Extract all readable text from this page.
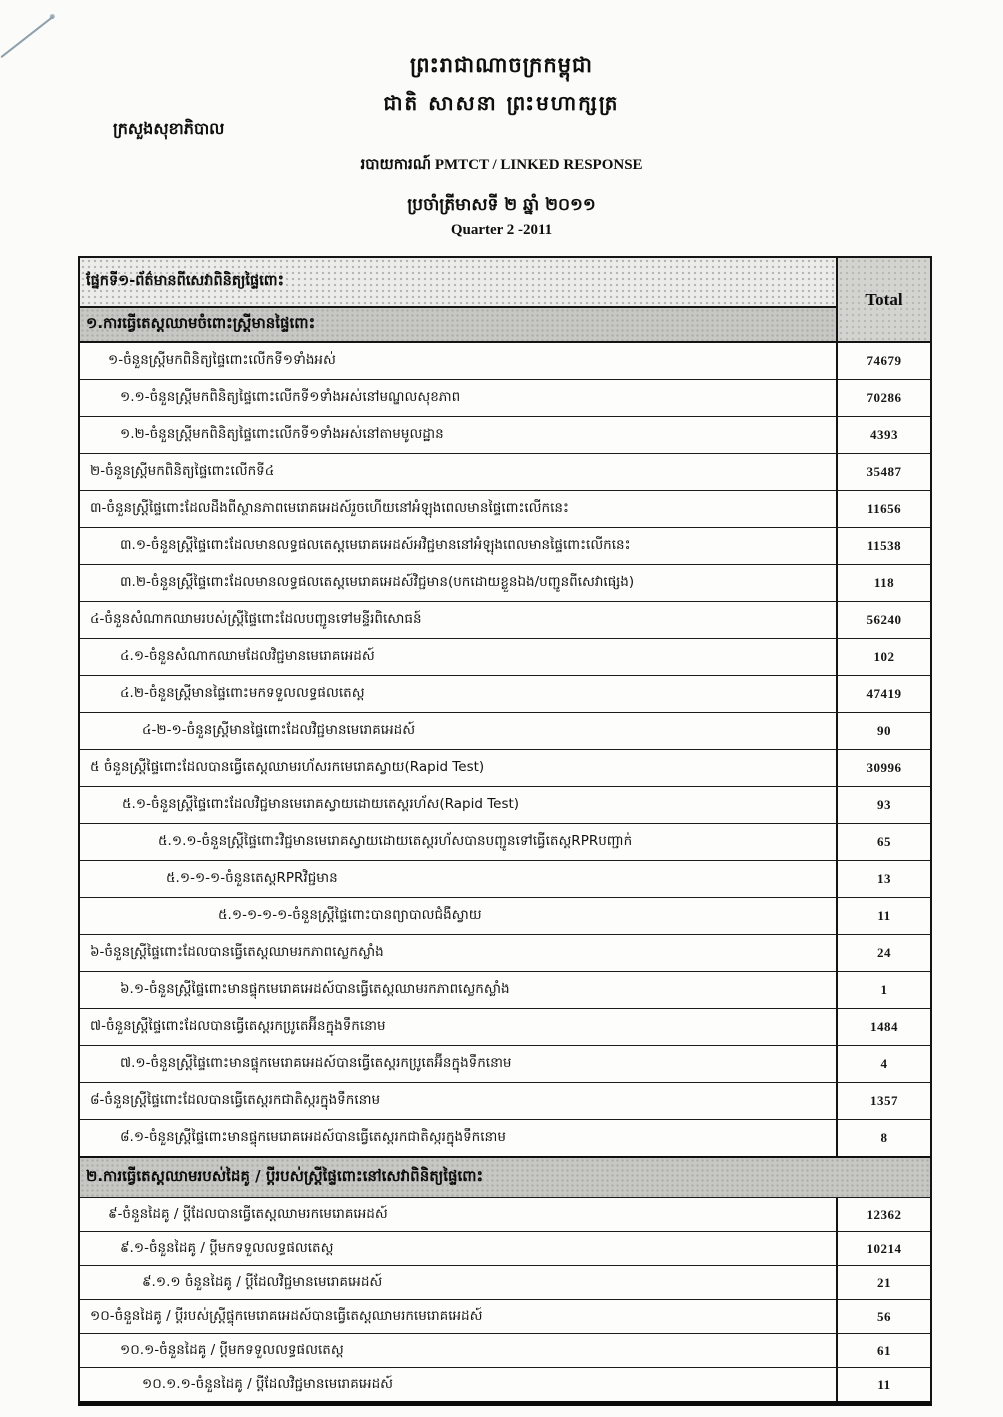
ព្រះរាជាណាចក្រកម្ពុជា
ជាតិ សាសនា ព្រះមហាក្សត្រ
ក្រសួងសុខាភិបាល
របាយការណ៍ PMTCT / LINKED RESPONSE
ប្រចាំត្រីមាសទី ២ ឆ្នាំ ២០១១
Quarter 2 -2011
ផ្នែកទី១-ព័ត៌មានពីសេវាពិនិត្យផ្ទៃពោះ
១.ការធ្វើតេស្ដឈាមចំពោះស្ត្រីមានផ្ទៃពោះ
Total
១-ចំនួនស្ត្រីមកពិនិត្យផ្ទៃពោះលើកទី១ទាំងអស់	74679
១.១-ចំនួនស្ត្រីមកពិនិត្យផ្ទៃពោះលើកទី១ទាំងអស់នៅមណ្ឌលសុខភាព	70286
១.២-ចំនួនស្ត្រីមកពិនិត្យផ្ទៃពោះលើកទី១ទាំងអស់នៅតាមមូលដ្ឋាន	4393
២-ចំនួនស្ត្រីមកពិនិត្យផ្ទៃពោះលើកទី៤	35487
៣-ចំនួនស្ត្រីផ្ទៃពោះដែលដឹងពីស្ថានភាពមេរោគអេដស៍រួចហើយនៅអំឡុងពេលមានផ្ទៃពោះលើកនេះ	11656
៣.១-ចំនួនស្ត្រីផ្ទៃពោះដែលមានលទ្ធផលតេស្ដមេរោគអេដស៍អវិជ្ជមាននៅអំឡុងពេលមានផ្ទៃពោះលើកនេះ	11538
៣.២-ចំនួនស្ត្រីផ្ទៃពោះដែលមានលទ្ធផលតេស្ដមេរោគអេដស៍វិជ្ជមាន(បកដោយខ្លួនឯង/បញ្ជូនពីសេវាផ្សេង)	118
៤-ចំនួនសំណាកឈាមរបស់ស្ត្រីផ្ទៃពោះដែលបញ្ជូនទៅមន្ទីរពិសោធន៍	56240
៤.១-ចំនួនសំណាកឈាមដែលវិជ្ជមានមេរោគអេដស៍	102
៤.២-ចំនួនស្ត្រីមានផ្ទៃពោះមកទទួលលទ្ធផលតេស្ដ	47419
៤-២-១-ចំនួនស្ត្រីមានផ្ទៃពោះដែលវិជ្ជមានមេរោគអេដស៍	90
៥ ចំនួនស្ត្រីផ្ទៃពោះដែលបានធ្វើតេស្ដឈាមរហ័សរកមេរោគស្វាយ(Rapid Test)	30996
៥.១-ចំនួនស្ត្រីផ្ទៃពោះដែលវិជ្ជមានមេរោគស្វាយដោយតេស្ដរហ័ស(Rapid Test)	93
៥.១.១-ចំនួនស្ត្រីផ្ទៃពោះវិជ្ជមានមេរោគស្វាយដោយតេស្ដរហ័សបានបញ្ជូនទៅធ្វើតេស្ដRPRបញ្ជាក់	65
៥.១-១-១-ចំនួនតេស្ដRPRវិជ្ជមាន	13
៥.១-១-១-១-ចំនួនស្ត្រីផ្ទៃពោះបានព្យាបាលជំងឺស្វាយ	11
៦-ចំនួនស្ត្រីផ្ទៃពោះដែលបានធ្វើតេស្ដឈាមរកភាពស្លេកស្លាំង	24
៦.១-ចំនួនស្ត្រីផ្ទៃពោះមានផ្ទុកមេរោគអេដស៍បានធ្វើតេស្ដឈាមរកភាពស្លេកស្លាំង	1
៧-ចំនួនស្ត្រីផ្ទៃពោះដែលបានធ្វើតេស្ដរកប្រូតេអ៊ីនក្នុងទឹកនោម	1484
៧.១-ចំនួនស្ត្រីផ្ទៃពោះមានផ្ទុកមេរោគអេដស៍បានធ្វើតេស្ដរកប្រូតេអ៊ីនក្នុងទឹកនោម	4
៨-ចំនួនស្ត្រីផ្ទៃពោះដែលបានធ្វើតេស្ដរកជាតិស្ករក្នុងទឹកនោម	1357
៨.១-ចំនួនស្ត្រីផ្ទៃពោះមានផ្ទុកមេរោគអេដស៍បានធ្វើតេស្ដរកជាតិស្ករក្នុងទឹកនោម	8
២.ការធ្វើតេស្ដឈាមរបស់ដៃគូ / ប្ដីរបស់ស្ត្រីផ្ទៃពោះនៅសេវាពិនិត្យផ្ទៃពោះ
៩-ចំនួនដៃគូ / ប្ដីដែលបានធ្វើតេស្ដឈាមរកមេរោគអេដស៍	12362
៩.១-ចំនួនដៃគូ / ប្ដីមកទទួលលទ្ធផលតេស្ដ	10214
៩.១.១ ចំនួនដៃគូ / ប្ដីដែលវិជ្ជមានមេរោគអេដស៍	21
១០-ចំនួនដៃគូ / ប្ដីរបស់ស្ត្រីផ្ទុកមេរោគអេដស៍បានធ្វើតេស្ដឈាមរកមេរោគអេដស៍	56
១០.១-ចំនួនដៃគូ / ប្ដីមកទទួលលទ្ធផលតេស្ដ	61
១០.១.១-ចំនួនដៃគូ / ប្ដីដែលវិជ្ជមានមេរោគអេដស៍	11
